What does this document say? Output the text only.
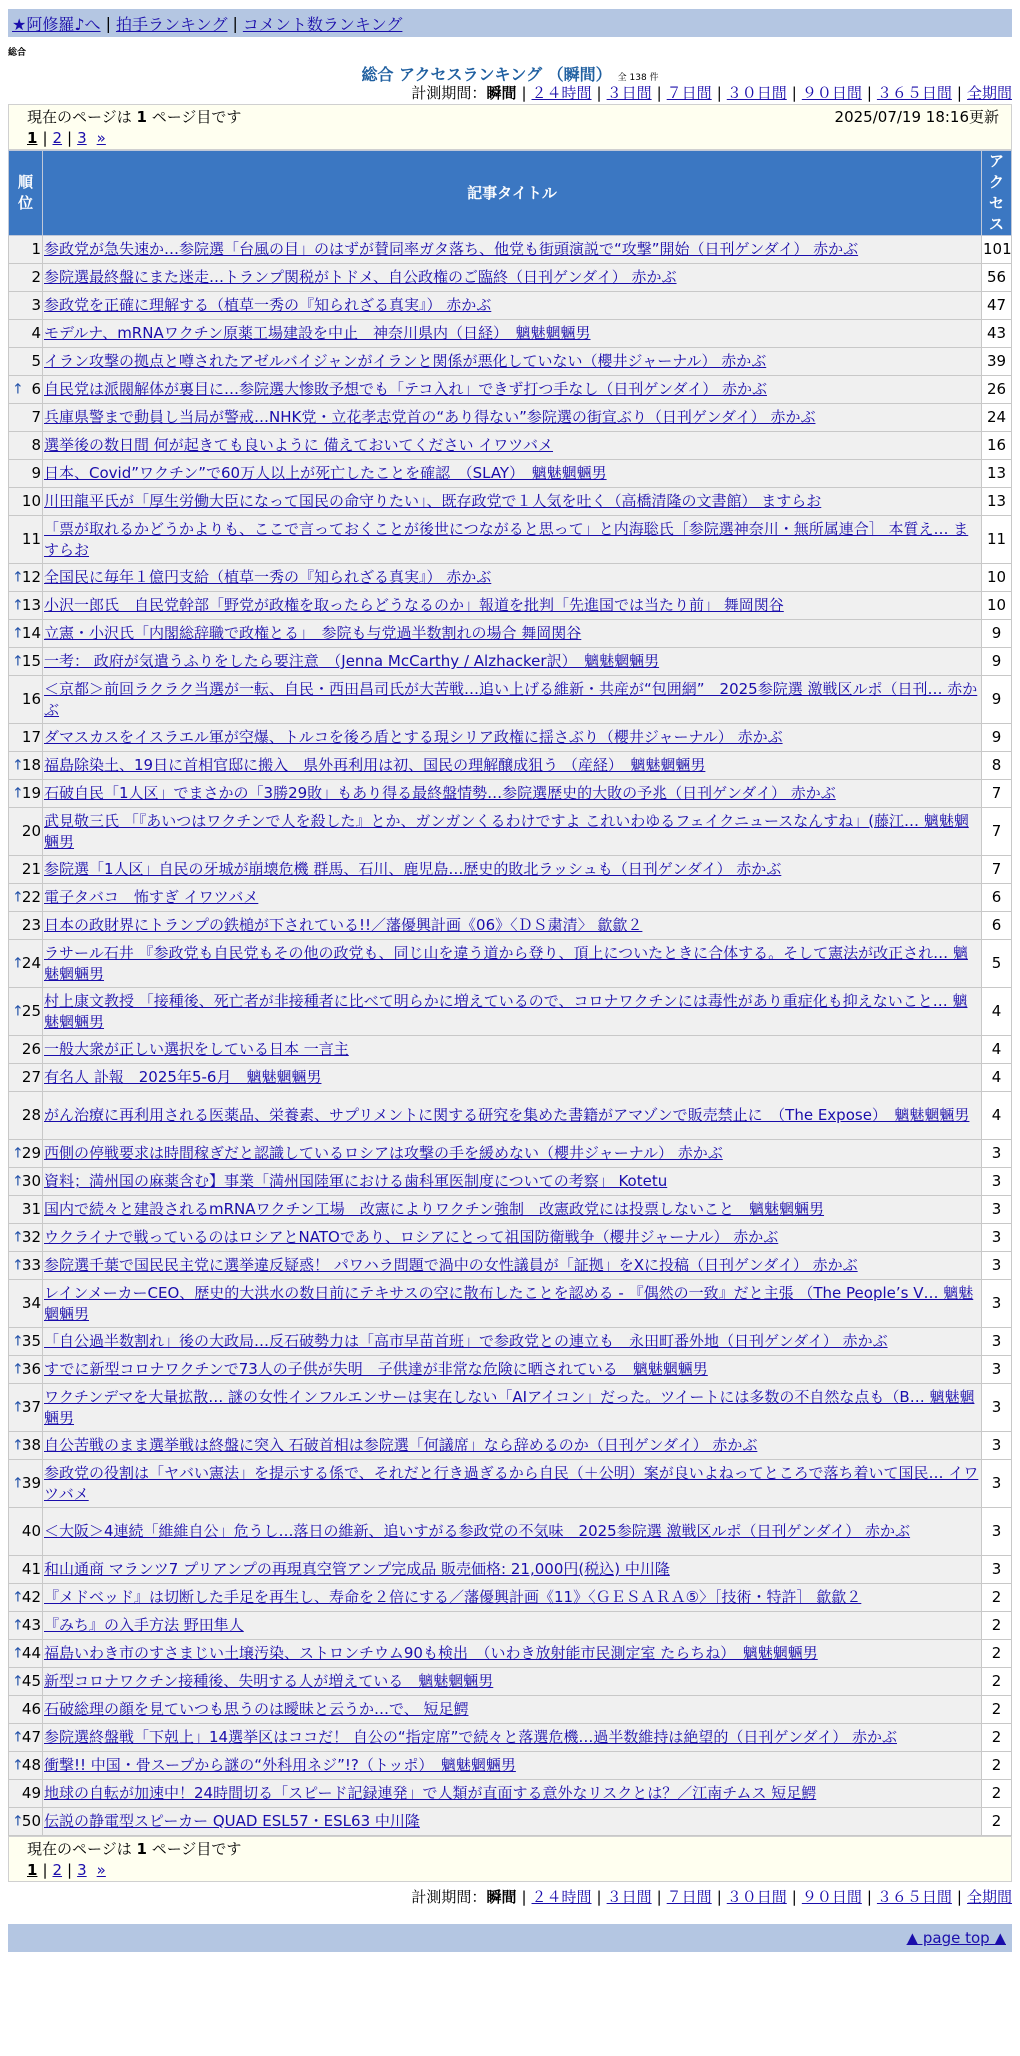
★阿修羅♪へ | 拍手ランキング | コメント数ランキング
総合
総合 アクセスランキング （瞬間） 全 138 件
計測期間：瞬間 | ２４時間 | ３日間 | ７日間 | ３０日間 | ９０日間 | ３６５日間 | 全期間
現在のページは 1 ページ目です	2025/07/19 18:16更新
1 | 2 | 3 »
順位	記事タイトル	アクセス
1	参政党が急失速か…参院選「台風の目」のはずが賛同率ガタ落ち、他党も街頭演説で“攻撃”開始（日刊ゲンダイ） 赤かぶ	101
2	参院選最終盤にまた迷走…トランプ関税がトドメ、自公政権のご臨終（日刊ゲンダイ） 赤かぶ	56
3	参政党を正確に理解する（植草一秀の『知られざる真実』） 赤かぶ	47
4	モデルナ、mRNAワクチン原薬工場建設を中止　神奈川県内（日経）　魑魅魍魎男	43
5	イラン攻撃の拠点と噂されたアゼルバイジャンがイランと関係が悪化していない（櫻井ジャーナル） 赤かぶ	39

↑ 6	自民党は派閥解体が裏目に…参院選大惨敗予想でも「テコ入れ」できず打つ手なし（日刊ゲンダイ） 赤かぶ	26
7	兵庫県警まで動員し当局が警戒…NHK党・立花孝志党首の“あり得ない”参院選の街宣ぶり（日刊ゲンダイ） 赤かぶ	24
8	選挙後の数日間 何が起きても良いように 備えておいてください イワツバメ	16
9	日本、Covid”ワクチン”で60万人以上が死亡したことを確認　（SLAY）　魑魅魍魎男	13
10	川田龍平氏が「厚生労働大臣になって国民の命守りたい」、既存政党で１人気を吐く（高橋清隆の文書館） ますらお	13
11	「票が取れるかどうかよりも、ここで言っておくことが後世につながると思って」と内海聡氏［参院選神奈川・無所属連合］ 本質え… ますらお	11

↑
12	全国民に毎年１億円支給（植草一秀の『知られざる真実』） 赤かぶ	10

↑
13	小沢一郎氏　自民党幹部「野党が政権を取ったらどうなるのか」報道を批判「先進国では当たり前」 舞岡関谷	10

↑
14	立憲・小沢氏「内閣総辞職で政権とる」　参院も与党過半数割れの場合 舞岡関谷	9

↑
15	一考： 政府が気遣うふりをしたら要注意　（Jenna McCarthy / Alzhacker訳）　魑魅魍魎男	9
16	＜京都＞前回ラクラク当選が一転、自民・西田昌司氏が大苦戦…追い上げる維新・共産が“包囲網”　2025参院選 激戦区ルポ（日刊… 赤かぶ	9
17	ダマスカスをイスラエル軍が空爆、トルコを後ろ盾とする現シリア政権に揺さぶり（櫻井ジャーナル） 赤かぶ	9

↑
18	福島除染土、19日に首相官邸に搬入　県外再利用は初、国民の理解醸成狙う （産経）　魑魅魍魎男	8

↑
19	石破自民「1人区」でまさかの「3勝29敗」もあり得る最終盤情勢…参院選歴史的大敗の予兆（日刊ゲンダイ） 赤かぶ	7
20	武見敬三氏 「『あいつはワクチンで人を殺した』とか、ガンガンくるわけですよ これいわゆるフェイクニュースなんすね」(藤江… 魑魅魍魎男	7
21	参院選「1人区」自民の牙城が崩壊危機 群馬、石川、鹿児島…歴史的敗北ラッシュも（日刊ゲンダイ） 赤かぶ	7

↑
22	電子タバコ　怖すぎ イワツバメ	6
23	日本の政財界にトランプの鉄槌が下されている!!／藩優興計画《06》〈ＤＳ粛清〉 歙歙２	6

↑
24	ラサール石井 『参政党も自民党もその他の政党も、同じ山を違う道から登り、頂上についたときに合体する。そして憲法が改正され… 魑魅魍魎男	5

↑
25	村上康文教授 「接種後、死亡者が非接種者に比べて明らかに増えているので、コロナワクチンには毒性があり重症化も抑えないこと… 魑魅魍魎男	4
26	一般大衆が正しい選択をしている日本 一言主	4
27	有名人 訃報　2025年5-6月　魑魅魍魎男	4
28	がん治療に再利用される医薬品、栄養素、サプリメントに関する研究を集めた書籍がアマゾンで販売禁止に　（The Expose）　魑魅魍魎男	4

↑
29	西側の停戦要求は時間稼ぎだと認識しているロシアは攻撃の手を緩めない（櫻井ジャーナル） 赤かぶ	3

↑
30	資料；満州国の麻薬含む】事業「満州国陸軍における歯科軍医制度についての考察」 Kotetu	3
31	国内で続々と建設されるmRNAワクチン工場　改憲によりワクチン強制　改憲政党には投票しないこと　魑魅魍魎男	3

↑
32	ウクライナで戦っているのはロシアとNATOであり、ロシアにとって祖国防衛戦争（櫻井ジャーナル） 赤かぶ	3

↑
33	参院選千葉で国民民主党に選挙違反疑惑！ パワハラ問題で渦中の女性議員が「証拠」をXに投稿（日刊ゲンダイ） 赤かぶ	3
34	レインメーカーCEO、歴史的大洪水の数日前にテキサスの空に散布したことを認める - 『偶然の一致』だと主張 （The People’s V… 魑魅魍魎男	3

↑
35	「自公過半数割れ」後の大政局…反石破勢力は「高市早苗首班」で参政党との連立も　永田町番外地（日刊ゲンダイ） 赤かぶ	3

↑
36	すでに新型コロナワクチンで73人の子供が失明　子供達が非常な危険に晒されている　魑魅魍魎男	3

↑
37	ワクチンデマを大量拡散… 謎の女性インフルエンサーは実在しない「AIアイコン」だった。ツイートには多数の不自然な点も（B… 魑魅魍魎男	3

↑
38	自公苦戦のまま選挙戦は終盤に突入 石破首相は参院選「何議席」なら辞めるのか（日刊ゲンダイ） 赤かぶ	3

↑
39	参政党の役割は「ヤバい憲法」を提示する係で、それだと行き過ぎるから自民（＋公明）案が良いよねってところで落ち着いて国民… イワツバメ	3
40	＜大阪＞4連続「維維自公」危うし…落日の維新、追いすがる参政党の不気味　2025参院選 激戦区ルポ（日刊ゲンダイ） 赤かぶ	3
41	和山通商 マランツ7 プリアンプの再現真空管アンプ完成品 販売価格: 21,000円(税込) 中川隆	3

↑
42	『メドベッド』は切断した手足を再生し、寿命を２倍にする／藩優興計画《11》〈ＧＥＳＡＲＡ⑤〉［技術・特許］ 歙歙２	2

↑
43	『みち』の入手方法 野田隼人	2

↑
44	福島いわき市のすさまじい土壌汚染、ストロンチウム90も検出　（いわき放射能市民測定室 たらちね）　魑魅魍魎男	2

↑
45	新型コロナワクチン接種後、失明する人が増えている　魑魅魍魎男	2
46	石破総理の顔を見ていつも思うのは曖昧と云うか…で、 短足鰐	2

↑
47	参院選終盤戦「下剋上」14選挙区はココだ！ 自公の“指定席”で続々と落選危機…過半数維持は絶望的（日刊ゲンダイ） 赤かぶ	2

↑
48	衝撃!! 中国・骨スープから謎の“外科用ネジ”!?（トッポ）　魑魅魍魎男	2
49	地球の自転が加速中！24時間切る「スピード記録連発」で人類が直面する意外なリスクとは？／江南チムス 短足鰐	2

↑
50	伝説の静電型スピーカー QUAD ESL57・ESL63 中川隆	2
現在のページは 1 ページ目です
1 | 2 | 3 »
計測期間：瞬間 | ２４時間 | ３日間 | ７日間 | ３０日間 | ９０日間 | ３６５日間 | 全期間
▲ page top ▲
